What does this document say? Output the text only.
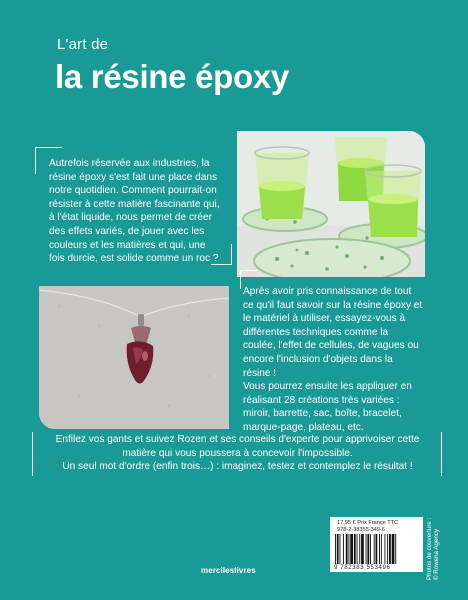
L'art de
la résine époxy
Autrefois réservée aux industries, la résine époxy s'est fait une place dans notre quotidien. Comment pourrait-on résister à cette matière fascinante qui, à l'état liquide, nous permet de créer des effets variés, de jouer avec les couleurs et les matières et qui, une fois durcie, est solide comme un roc ?
Après avoir pris connaissance de tout ce qu'il faut savoir sur la résine époxy et le matériel à utiliser, essayez-vous à différentes techniques comme la coulée, l'effet de cellules, de vagues ou encore l'inclusion d'objets dans la résine !
Vous pourrez ensuite les appliquer en réalisant 28 créations très variées : miroir, barrette, sac, boîte, bracelet, marque-page, plateau, etc.
Enfilez vos gants et suivez Rozen et ses conseils d'experte pour apprivoiser cette matière qui vous poussera à concevoir l'impossible.
Un seul mot d'ordre (enfin trois…) : imaginez, testez et contemplez le résultat !
17,95 € Prix France TTC
978-2-38355-349-6
9 782383 553496	Photos de couverture : © Rowena Agency
mercileslivres
